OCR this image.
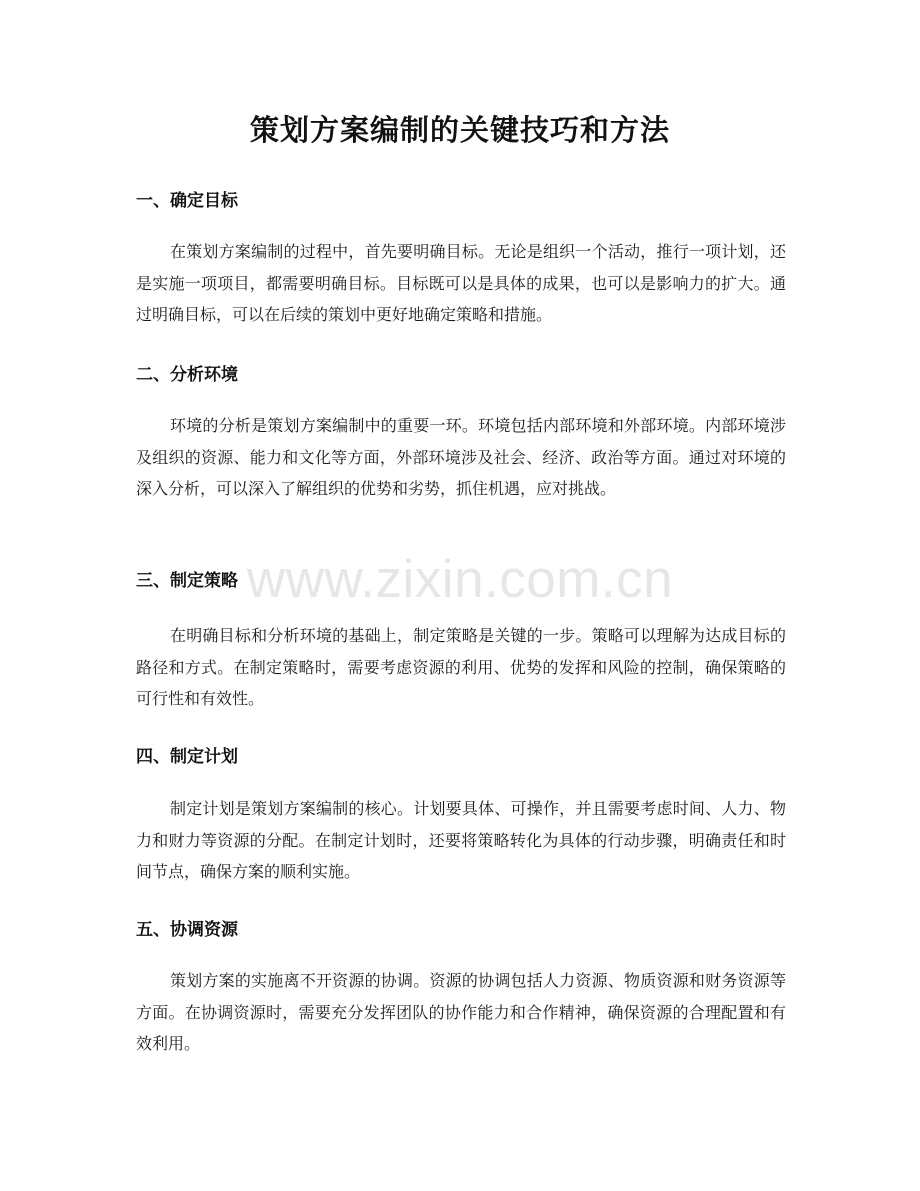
策划方案编制的关键技巧和方法
一、确定目标

在策划方案编制的过程中，首先要明确目标。无论是组织一个活动，推行一项计划，还是实施一项项目，都需要明确目标。目标既可以是具体的成果，也可以是影响力的扩大。通过明确目标，可以在后续的策划中更好地确定策略和措施。

二、分析环境

环境的分析是策划方案编制中的重要一环。环境包括内部环境和外部环境。内部环境涉及组织的资源、能力和文化等方面，外部环境涉及社会、经济、政治等方面。通过对环境的深入分析，可以深入了解组织的优势和劣势，抓住机遇，应对挑战。

三、制定策略

在明确目标和分析环境的基础上，制定策略是关键的一步。策略可以理解为达成目标的路径和方式。在制定策略时，需要考虑资源的利用、优势的发挥和风险的控制，确保策略的可行性和有效性。

四、制定计划

制定计划是策划方案编制的核心。计划要具体、可操作，并且需要考虑时间、人力、物力和财力等资源的分配。在制定计划时，还要将策略转化为具体的行动步骤，明确责任和时间节点，确保方案的顺利实施。

五、协调资源

策划方案的实施离不开资源的协调。资源的协调包括人力资源、物质资源和财务资源等方面。在协调资源时，需要充分发挥团队的协作能力和合作精神，确保资源的合理配置和有效利用。

www.zixin.com.cn
